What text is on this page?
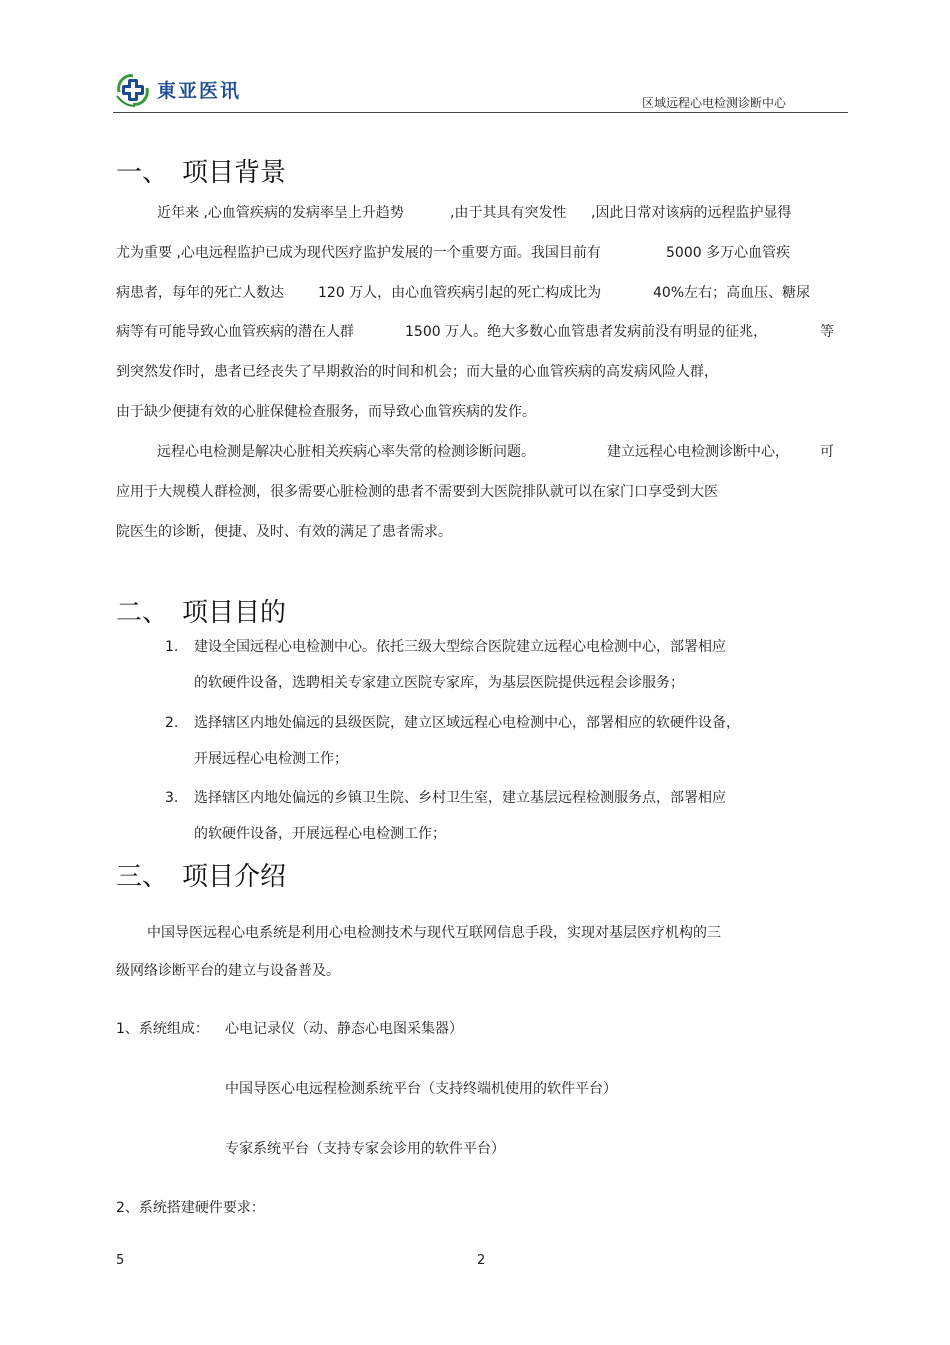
東亚医讯
区域远程心电检测诊断中心
一、 项目背景
近年来 ,心血管疾病的发病率呈上升趋势	,由于其具有突发性 ,因此日常对该病的远程监护显得
尤为重要 ,心电远程监护已成为现代医疗监护发展的一个重要方面。我国目前有	5000 多万心血管疾
病患者，每年的死亡人数达 120 万人，由心血管疾病引起的死亡构成比为	40%左右；高血压、糖尿
病等有可能导致心血管疾病的潜在人群	1500 万人。绝大多数心血管患者发病前没有明显的征兆，	等
到突然发作时，患者已经丧失了早期救治的时间和机会；而大量的心血管疾病的高发病风险人群，
由于缺少便捷有效的心脏保健检查服务，而导致心血管疾病的发作。
远程心电检测是解决心脏相关疾病心率失常的检测诊断问题。	建立远程心电检测诊断中心， 可
应用于大规模人群检测，很多需要心脏检测的患者不需要到大医院排队就可以在家门口享受到大医
院医生的诊断，便捷、及时、有效的满足了患者需求。
二、 项目目的
1. 建设全国远程心电检测中心。依托三级大型综合医院建立远程心电检测中心，部署相应
的软硬件设备，选聘相关专家建立医院专家库，为基层医院提供远程会诊服务；
2. 选择辖区内地处偏远的县级医院，建立区域远程心电检测中心，部署相应的软硬件设备，
开展远程心电检测工作；
3. 选择辖区内地处偏远的乡镇卫生院、乡村卫生室，建立基层远程检测服务点，部署相应
的软硬件设备，开展远程心电检测工作；
三、 项目介绍
中国导医远程心电系统是利用心电检测技术与现代互联网信息手段，实现对基层医疗机构的三
级网络诊断平台的建立与设备普及。
1、系统组成： 心电记录仪（动、静态心电图采集器）
中国导医心电远程检测系统平台（支持终端机使用的软件平台）
专家系统平台（支持专家会诊用的软件平台）
2、系统搭建硬件要求：
5	2
